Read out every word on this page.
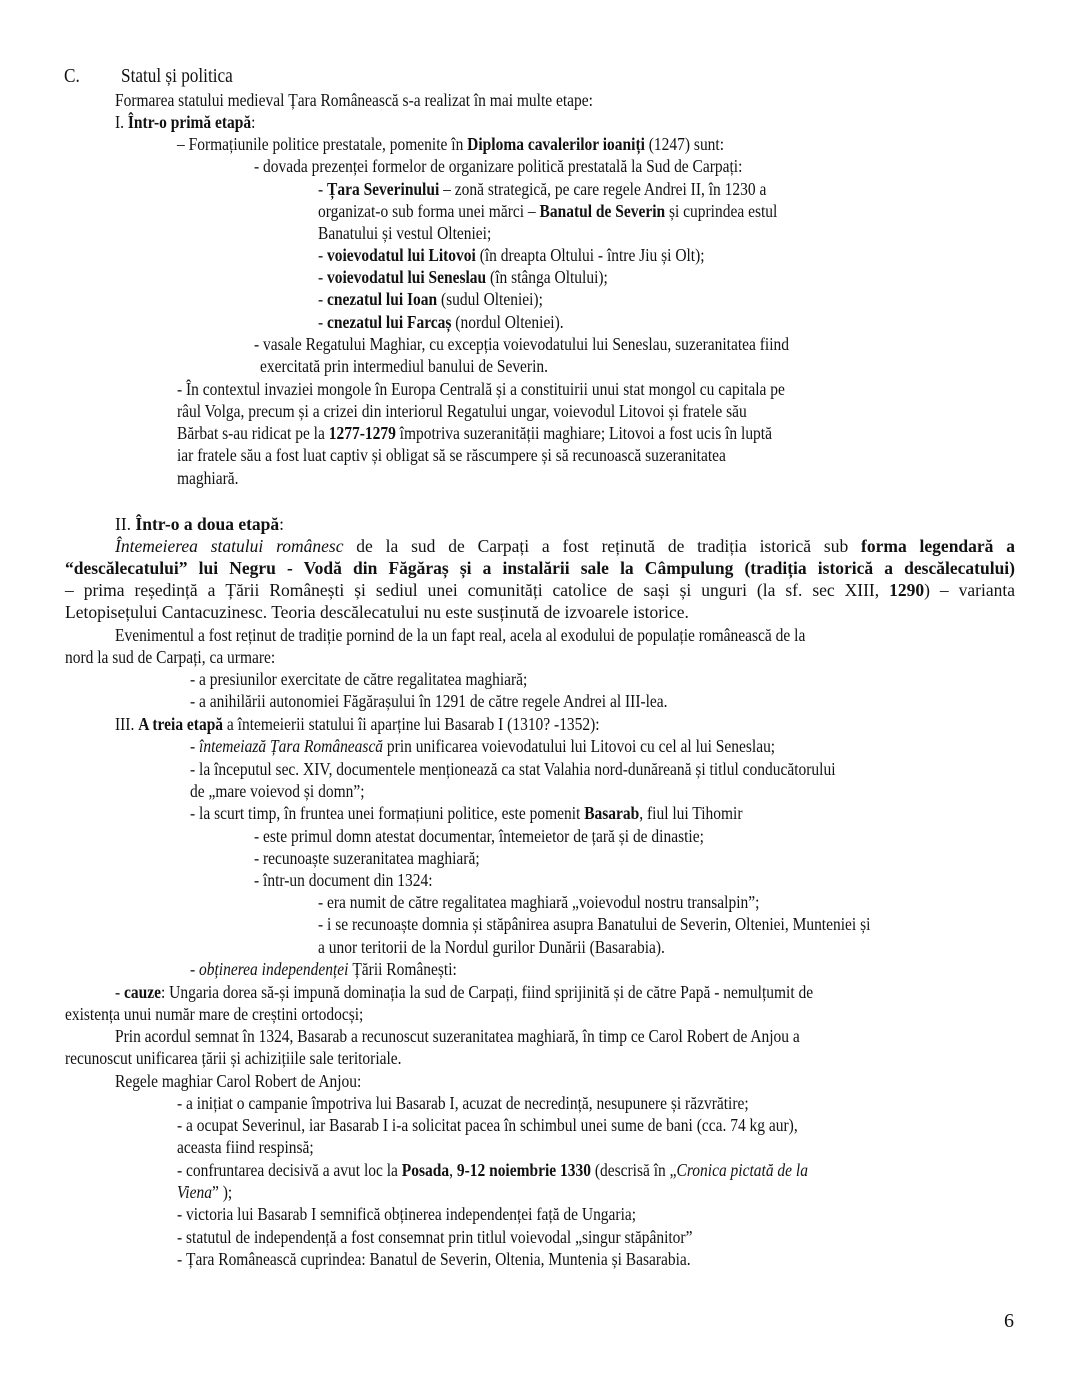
C. Statul și politica
Formarea statului medieval Țara Românească s-a realizat în mai multe etape:
I. Într-o primă etapă:
– Formațiunile politice prestatale, pomenite în Diploma cavalerilor ioaniți (1247) sunt:
- dovada prezenței formelor de organizare politică prestatală la Sud de Carpați:
- Țara Severinului – zonă strategică, pe care regele Andrei II, în 1230 a
organizat-o sub forma unei mărci – Banatul de Severin și cuprindea estul
Banatului și vestul Olteniei;
- voievodatul lui Litovoi (în dreapta Oltului - între Jiu și Olt);
- voievodatul lui Seneslau (în stânga Oltului);
- cnezatul lui Ioan (sudul Olteniei);
- cnezatul lui Farcaș (nordul Olteniei).
- vasale Regatului Maghiar, cu excepția voievodatului lui Seneslau, suzeranitatea fiind
exercitată prin intermediul banului de Severin.
- În contextul invaziei mongole în Europa Centrală și a constituirii unui stat mongol cu capitala pe
râul Volga, precum și a crizei din interiorul Regatului ungar, voievodul Litovoi și fratele său
Bărbat s-au ridicat pe la 1277-1279 împotriva suzeranității maghiare; Litovoi a fost ucis în luptă
iar fratele său a fost luat captiv și obligat să se răscumpere și să recunoască suzeranitatea
maghiară.
II. Într-o a doua etapă:
Întemeierea statului românesc de la sud de Carpați a fost reținută de tradiția istorică sub forma legendară a
“descălecatului” lui Negru - Vodă din Făgăraș și a instalării sale la Câmpulung (tradiția istorică a descălecatului)
– prima reședință a Țării Românești și sediul unei comunități catolice de sași și unguri (la sf. sec XIII, 1290) – varianta
Letopisețului Cantacuzinesc. Teoria descălecatului nu este susținută de izvoarele istorice.
Evenimentul a fost reținut de tradiție pornind de la un fapt real, acela al exodului de populație românească de la
nord la sud de Carpați, ca urmare:
- a presiunilor exercitate de către regalitatea maghiară;
- a anihilării autonomiei Făgărașului în 1291 de către regele Andrei al III-lea.
III. A treia etapă a întemeierii statului îi aparține lui Basarab I (1310? -1352):
- întemeiază Țara Românească prin unificarea voievodatului lui Litovoi cu cel al lui Seneslau;
- la începutul sec. XIV, documentele menționează ca stat Valahia nord-dunăreană și titlul conducătorului
de „mare voievod și domn”;
- la scurt timp, în fruntea unei formațiuni politice, este pomenit Basarab, fiul lui Tihomir
- este primul domn atestat documentar, întemeietor de țară și de dinastie;
- recunoaște suzeranitatea maghiară;
- într-un document din 1324:
- era numit de către regalitatea maghiară „voievodul nostru transalpin”;
- i se recunoaște domnia și stăpânirea asupra Banatului de Severin, Olteniei, Munteniei și
a unor teritorii de la Nordul gurilor Dunării (Basarabia).
- obținerea independenței Țării Românești:
- cauze: Ungaria dorea să-și impună dominația la sud de Carpați, fiind sprijinită și de către Papă - nemulțumit de
existența unui număr mare de creștini ortodocși;
Prin acordul semnat în 1324, Basarab a recunoscut suzeranitatea maghiară, în timp ce Carol Robert de Anjou a
recunoscut unificarea țării și achizițiile sale teritoriale.
Regele maghiar Carol Robert de Anjou:
- a inițiat o campanie împotriva lui Basarab I, acuzat de necredință, nesupunere și răzvrătire;
- a ocupat Severinul, iar Basarab I i-a solicitat pacea în schimbul unei sume de bani (cca. 74 kg aur),
aceasta fiind respinsă;
- confruntarea decisivă a avut loc la Posada, 9-12 noiembrie 1330 (descrisă în „Cronica pictată de la
Viena” );
- victoria lui Basarab I semnifică obținerea independenței față de Ungaria;
- statutul de independență a fost consemnat prin titlul voievodal „singur stăpânitor”
- Țara Românească cuprindea: Banatul de Severin, Oltenia, Muntenia și Basarabia.
6
